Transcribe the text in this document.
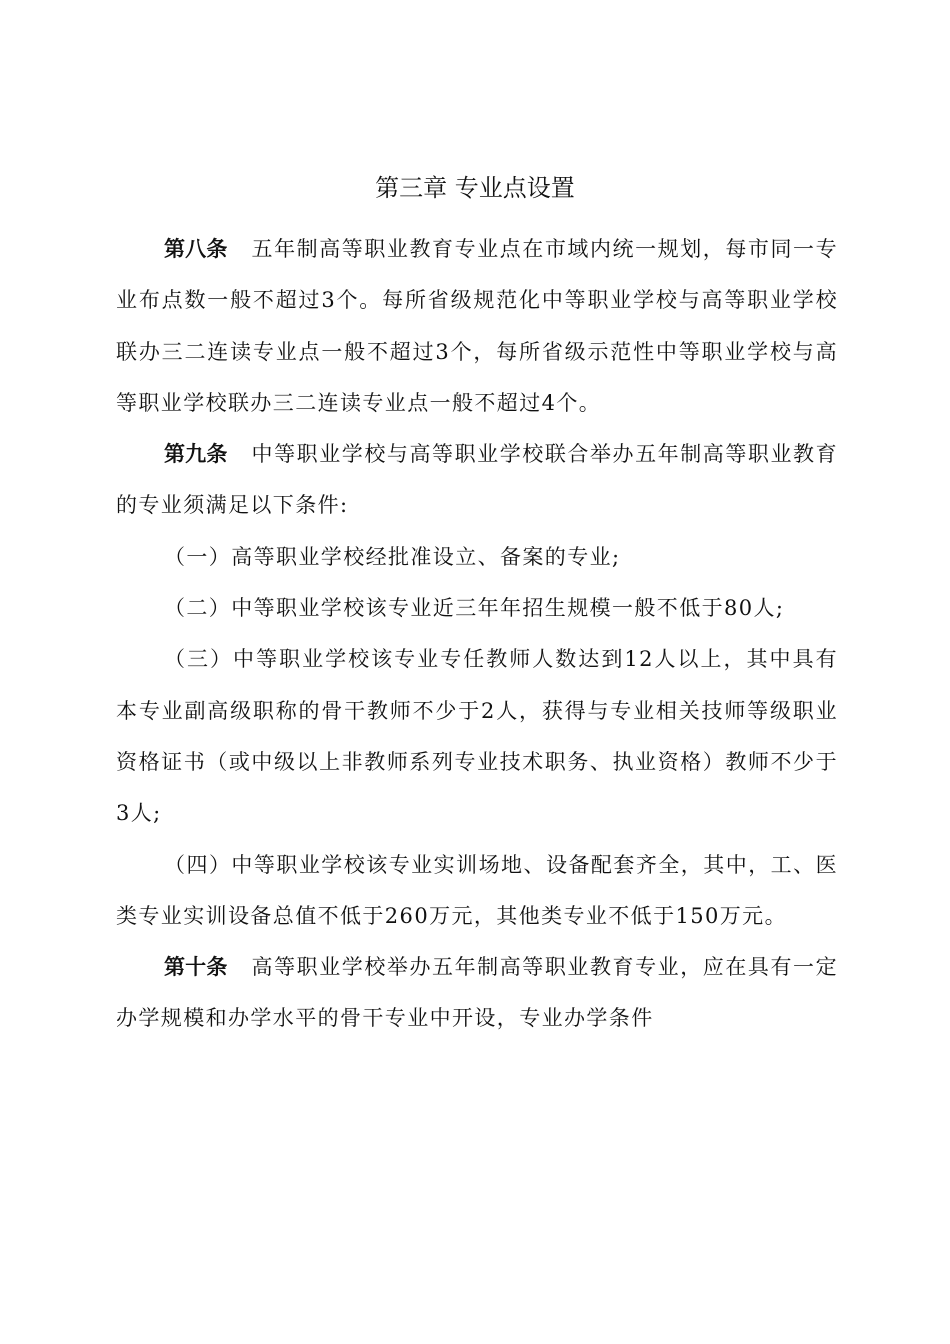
第三章 专业点设置

第八条 五年制高等职业教育专业点在市域内统一规划，每市同一专业布点数一般不超过3个。每所省级规范化中等职业学校与高等职业学校联办三二连读专业点一般不超过3个，每所省级示范性中等职业学校与高等职业学校联办三二连读专业点一般不超过4个。

第九条 中等职业学校与高等职业学校联合举办五年制高等职业教育的专业须满足以下条件:

（一）高等职业学校经批准设立、备案的专业;

（二）中等职业学校该专业近三年年招生规模一般不低于80人;

（三）中等职业学校该专业专任教师人数达到12人以上，其中具有本专业副高级职称的骨干教师不少于2人，获得与专业相关技师等级职业资格证书（或中级以上非教师系列专业技术职务、执业资格）教师不少于3人;

（四）中等职业学校该专业实训场地、设备配套齐全，其中，工、医类专业实训设备总值不低于260万元，其他类专业不低于150万元。

第十条 高等职业学校举办五年制高等职业教育专业，应在具有一定办学规模和办学水平的骨干专业中开设，专业办学条件
